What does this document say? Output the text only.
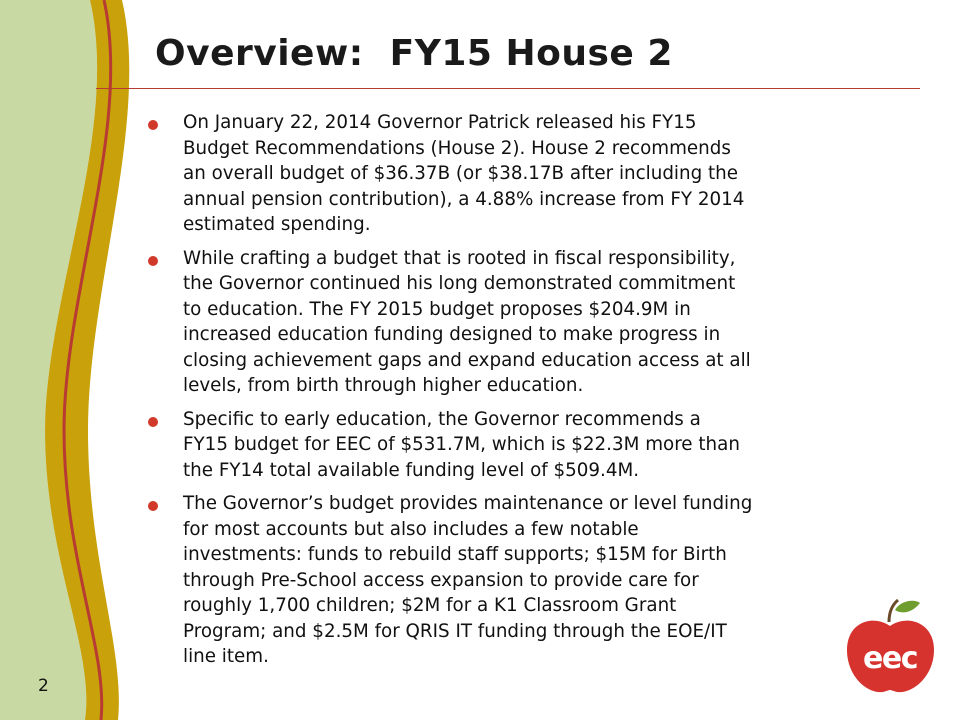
Overview:  FY15 House 2
On January 22, 2014 Governor Patrick released his FY15
Budget Recommendations (House 2). House 2 recommends
an overall budget of $36.37B (or $38.17B after including the
annual pension contribution), a 4.88% increase from FY 2014
estimated spending.
While crafting a budget that is rooted in fiscal responsibility,
the Governor continued his long demonstrated commitment
to education. The FY 2015 budget proposes $204.9M in
increased education funding designed to make progress in
closing achievement gaps and expand education access at all
levels, from birth through higher education.
Specific to early education, the Governor recommends a
FY15 budget for EEC of $531.7M, which is $22.3M more than
the FY14 total available funding level of $509.4M.
The Governor’s budget provides maintenance or level funding
for most accounts but also includes a few notable
investments: funds to rebuild staff supports; $15M for Birth
through Pre-School access expansion to provide care for
roughly 1,700 children; $2M for a K1 Classroom Grant
Program; and $2.5M for QRIS IT funding through the EOE/IT
line item.
2
eec
